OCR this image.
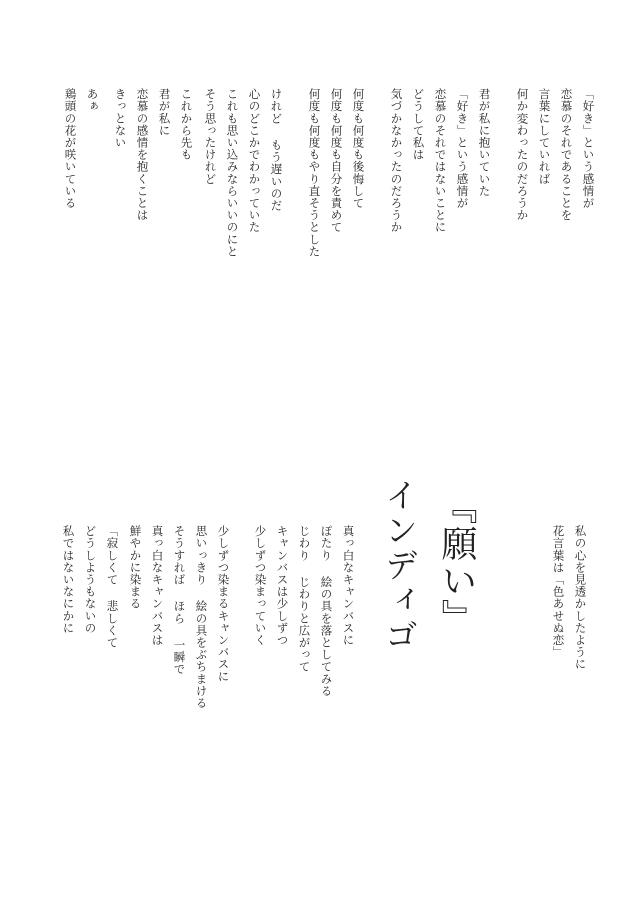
「好き」という感情が
恋慕のそれであることを
言葉にしていれば
何か変わったのだろうか
君が私に抱いていた
「好き」という感情が
恋慕のそれではないことに
どうして私は
気づかなかったのだろうか
何度も何度も後悔して
何度も何度も自分を責めて
何度も何度もやり直そうとした
けれど もう遅いのだ
心のどこかでわかっていた
これも思い込みならいいのにと
そう思ったけれど
これから先も
君が私に
恋慕の感情を抱くことは
きっとない
私の心を見透かしたように
花言葉は「色あせぬ恋」
『願い』
インディゴ
真っ白なキャンバスに
ぽたり 絵の具を落としてみる
じわり じわりと広がって
キャンバスは少しずつ
少しずつ染まっていく
少しずつ染まるキャンバスに
思いっきり 絵の具をぶちまける
そうすれば ほら 一瞬で
真っ白なキャンバスは
鮮やかに染まる
「寂しくて 悲しくて
どうしようもないの
私ではないなにかに
あぁ
鶏頭の花が咲いている
